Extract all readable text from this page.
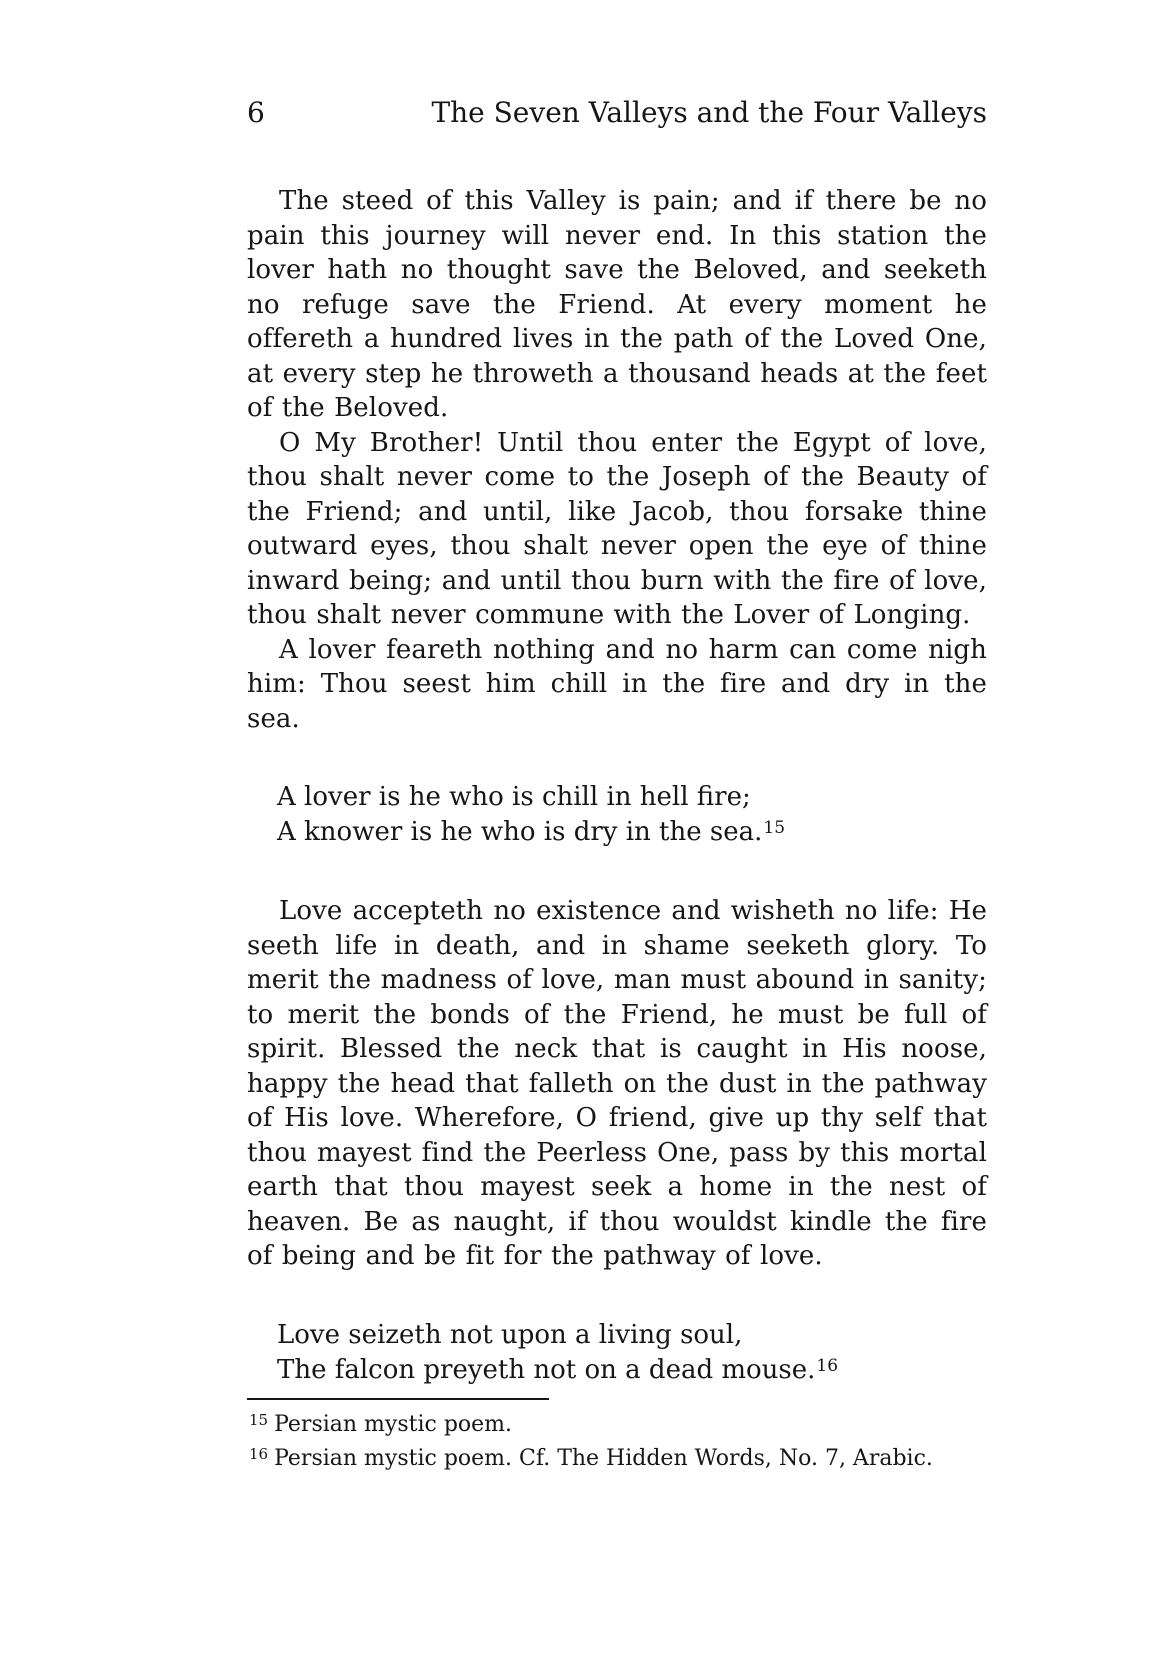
6	The Seven Valleys and the Four Valleys

The steed of this Valley is pain; and if there be no pain this journey will never end. In this station the lover hath no thought save the Beloved, and seeketh no refuge save the Friend. At every moment he offereth a hundred lives in the path of the Loved One, at every step he throweth a thousand heads at the feet of the Beloved.

O My Brother! Until thou enter the Egypt of love, thou shalt never come to the Joseph of the Beauty of the Friend; and until, like Jacob, thou forsake thine outward eyes, thou shalt never open the eye of thine inward being; and until thou burn with the fire of love, thou shalt never commune with the Lover of Longing.

A lover feareth nothing and no harm can come nigh him: Thou seest him chill in the fire and dry in the sea.

A lover is he who is chill in hell fire;
A knower is he who is dry in the sea.$^{15}$

Love accepteth no existence and wisheth no life: He seeth life in death, and in shame seeketh glory. To merit the madness of love, man must abound in sanity; to merit the bonds of the Friend, he must be full of spirit. Blessed the neck that is caught in His noose, happy the head that falleth on the dust in the pathway of His love. Wherefore, O friend, give up thy self that thou mayest find the Peerless One, pass by this mortal earth that thou mayest seek a home in the nest of heaven. Be as naught, if thou wouldst kindle the fire of being and be fit for the pathway of love.

Love seizeth not upon a living soul,
The falcon preyeth not on a dead mouse.$^{16}$
$^{15}$ Persian mystic poem.
$^{16}$ Persian mystic poem. Cf. The Hidden Words, No. 7, Arabic.
